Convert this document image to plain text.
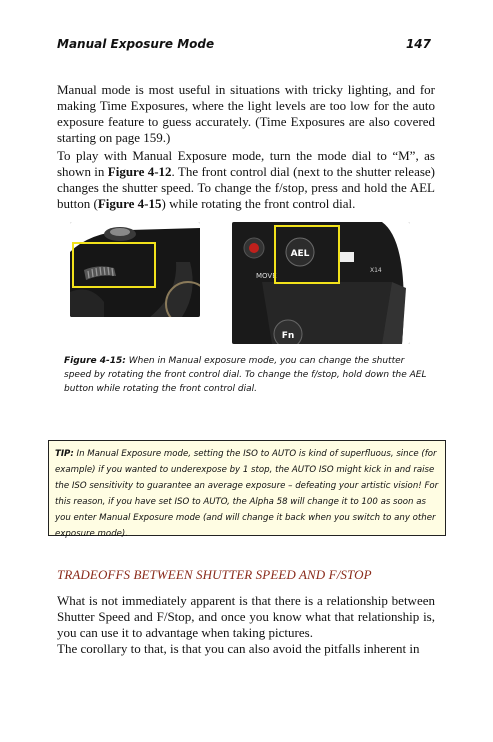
Manual Exposure Mode	147
Manual mode is most useful in situations with tricky lighting, and for making Time Exposures, where the light levels are too low for the auto exposure feature to guess accurately. (Time Exposures are also covered starting on page 159.)
To play with Manual Exposure mode, turn the mode dial to “M”, as shown in Figure 4-12. The front control dial (next to the shutter release) changes the shutter speed. To change the f/stop, press and hold the AEL button (Figure 4-15) while rotating the front control dial.
AEL
MOVE
X14
Fn
Figure 4-15: When in Manual exposure mode, you can change the shutter speed by rotating the front control dial. To change the f/stop, hold down the AEL button while rotating the front control dial.
TIP: In Manual Exposure mode, setting the ISO to AUTO is kind of superfluous, since (for example) if you wanted to underexpose by 1 stop, the AUTO ISO might kick in and raise the ISO sensitivity to guarantee an average exposure – defeating your artistic vision! For this reason, if you have set ISO to AUTO, the Alpha 58 will change it to 100 as soon as you enter Manual Exposure mode (and will change it back when you switch to any other exposure mode).
TRADEOFFS BETWEEN SHUTTER SPEED AND F/STOP
What is not immediately apparent is that there is a relationship between Shutter Speed and F/Stop, and once you know what that relationship is, you can use it to advantage when taking pictures.
The corollary to that, is that you can also avoid the pitfalls inherent in
